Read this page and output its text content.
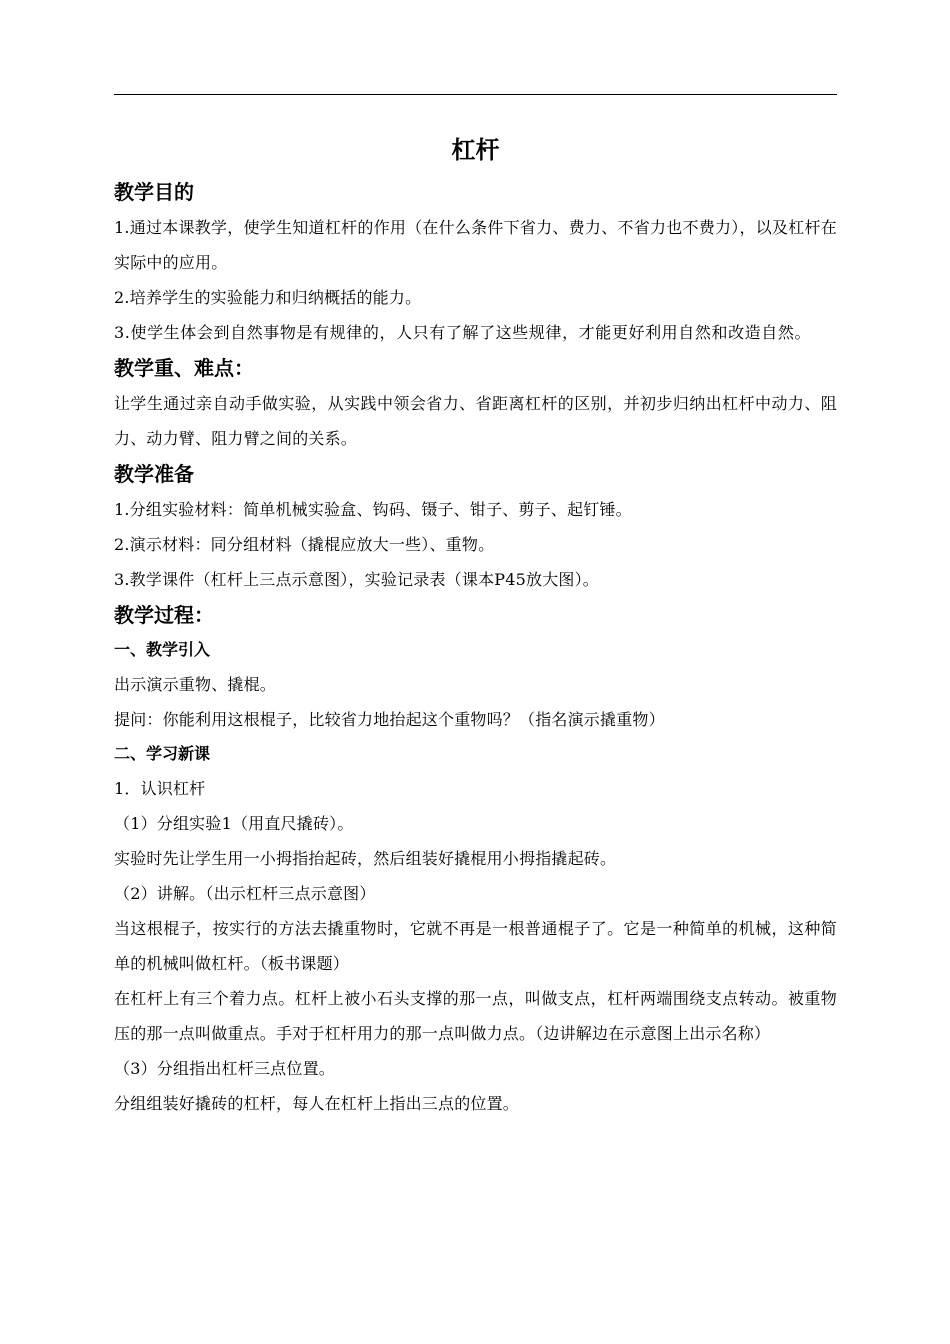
杠杆
教学目的

1.通过本课教学，使学生知道杠杆的作用（在什么条件下省力、费力、不省力也不费力），以及杠杆在实际中的应用。

2.培养学生的实验能力和归纳概括的能力。

3.使学生体会到自然事物是有规律的，人只有了解了这些规律，才能更好利用自然和改造自然。

教学重、难点：

让学生通过亲自动手做实验，从实践中领会省力、省距离杠杆的区别，并初步归纳出杠杆中动力、阻力、动力臂、阻力臂之间的关系。

教学准备

1.分组实验材料：简单机械实验盒、钩码、镊子、钳子、剪子、起钉锤。

2.演示材料：同分组材料（撬棍应放大一些）、重物。

3.教学课件（杠杆上三点示意图），实验记录表（课本P45放大图）。

教学过程：
一、教学引入

出示演示重物、撬棍。

提问：你能利用这根棍子，比较省力地抬起这个重物吗？（指名演示撬重物）

二、学习新课

1．认识杠杆

（1）分组实验1（用直尺撬砖）。

实验时先让学生用一小拇指抬起砖，然后组装好撬棍用小拇指撬起砖。

（2）讲解。（出示杠杆三点示意图）

当这根棍子，按实行的方法去撬重物时，它就不再是一根普通棍子了。它是一种简单的机械，这种简单的机械叫做杠杆。（板书课题）

在杠杆上有三个着力点。杠杆上被小石头支撑的那一点，叫做支点，杠杆两端围绕支点转动。被重物压的那一点叫做重点。手对于杠杆用力的那一点叫做力点。（边讲解边在示意图上出示名称）

（3）分组指出杠杆三点位置。

分组组装好撬砖的杠杆，每人在杠杆上指出三点的位置。
